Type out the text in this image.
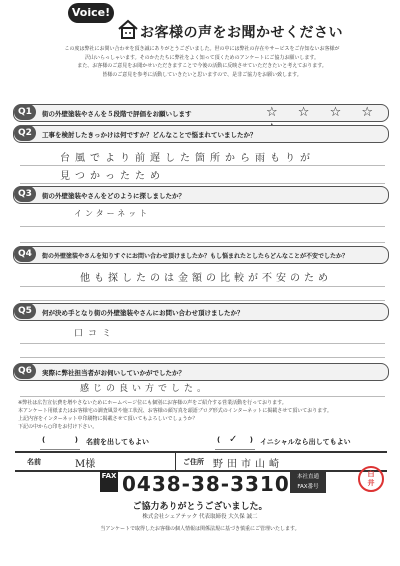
Voice!
お客様の声をお聞かせください
この度は弊社にお問い合わせを頂き誠にありがとうございました。世の中には弊社の存在やサービスをご存知ないお客様が
沢山いらっしゃいます。そのかたたちに弊社をよく知って頂くためのアンケートにご協力お願いします。
また、お客様のご意見をお聞かせいただきますことで今後の活動に反映させていただきたいと考えております。
皆様のご意見を参考に活動していきたいと思いますので、是非ご協力をお願い致します。
Q1	街の外壁塗装やさんを５段階で評価をお願いします	☆ ☆ ☆ ☆
Q2	工事を検討したきっかけは何ですか？どんなことで悩まれていましたか？
台風でより前遅した箇所から雨もりが
見つかったため
Q3	街の外壁塗装やさんをどのように探しましたか？
インターネット
Q4	街の外壁塗装やさんを知りすぐにお問い合わせ頂けましたか？もし悩まれたとしたらどんなことが不安でしたか？
他も探したのは金額の比較が不安のため
Q5	何が決め手となり街の外壁塗装やさんにお問い合わせ頂けましたか？
口コミ
Q6	実際に弊社担当者がお伺いしていかがでしたか？
感じの良い方でした。
※弊社は広告宣伝費を増やさないためにホームページ位にも個別にお客様の声をご紹介する営業活動を行っております。
本アンケート用紙またはお客様宅の調査風景や施工状況、お客様の顔写真を頭語ブログ形式のインターネットに掲載させて頂いております。
上記内容をインターネット中印刷物に掲載させて頂いてもよろしいでしょうか？
下記の中から○印をお付け下さい。
(	) 名前を出してもよい	( ✓ ) イニシャルなら出してもよい
名前	M様	ご住所 野田市山崎
FAX 0438-38-3310	本社直通
FAX番号
白
井
ご協力ありがとうございました。
株式会社シェアテック 代表取締役 大久保 誠二
当アンケートで取得したお客様の個人情報は関係法規に基づき慎重にご管理いたします。
